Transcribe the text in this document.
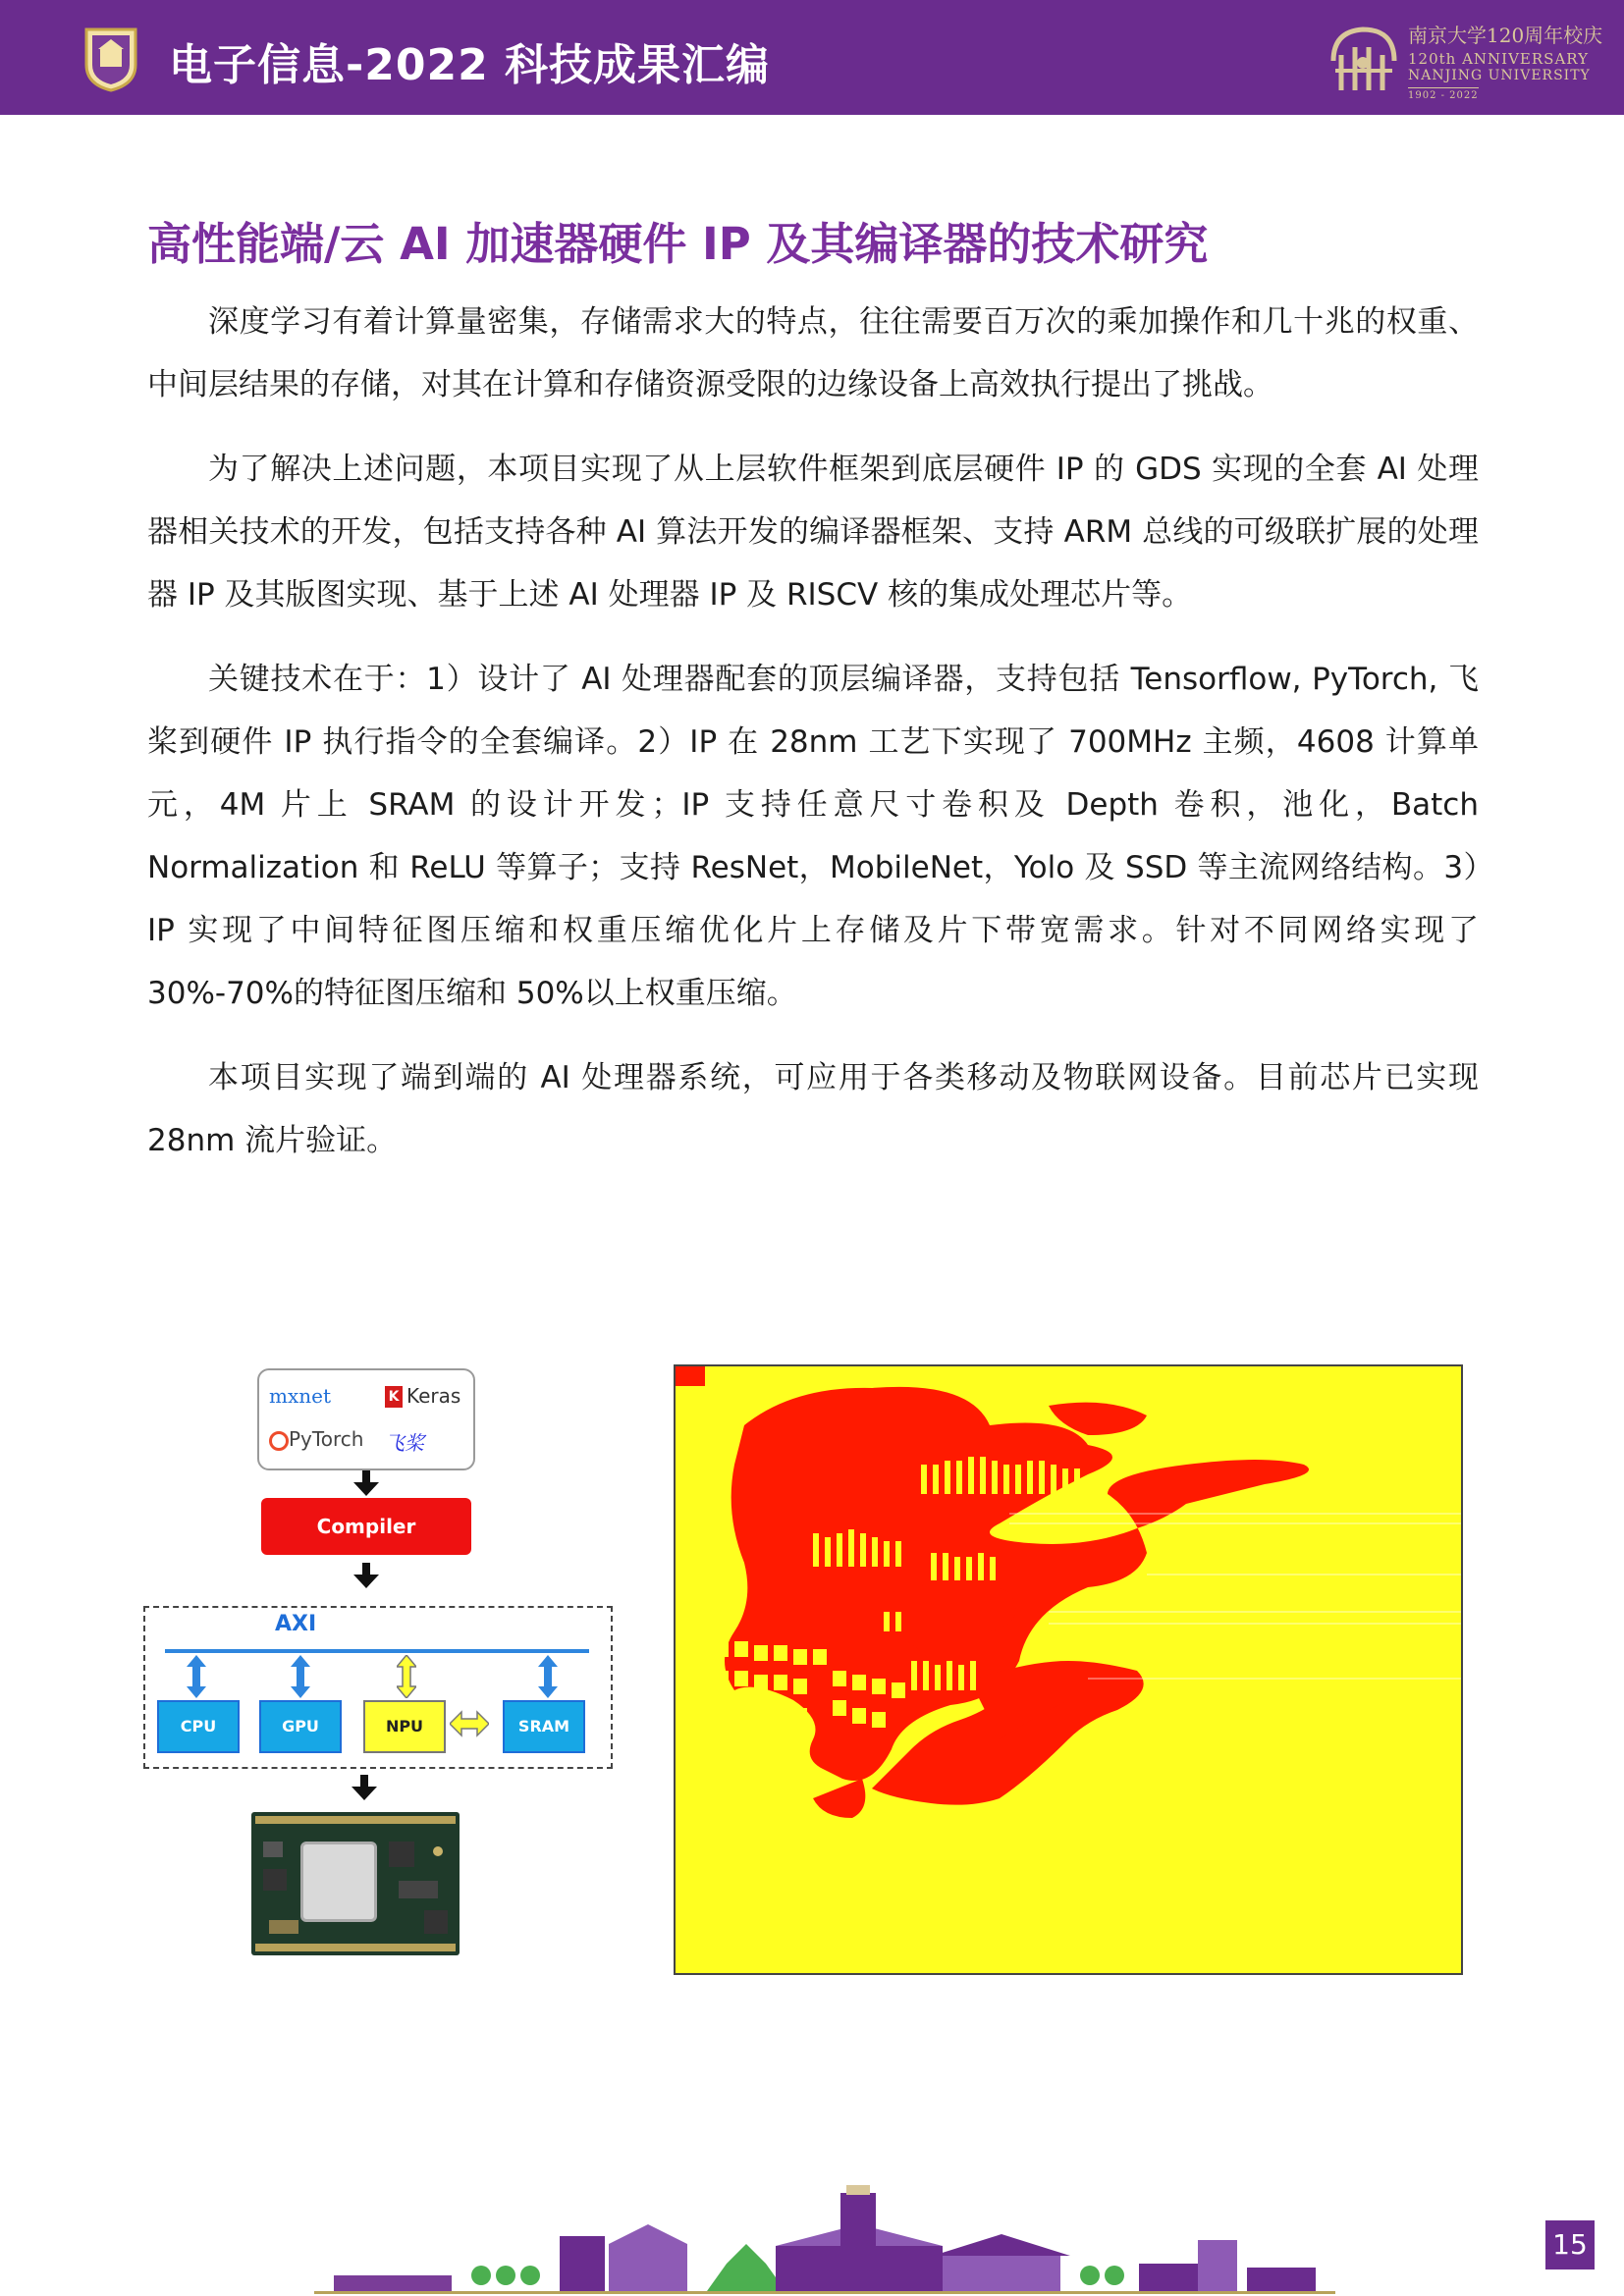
电子信息-2022 科技成果汇编
南京大学120周年校庆
120th ANNIVERSARY
NANJING UNIVERSITY
1902 - 2022
高性能端/云 AI 加速器硬件 IP 及其编译器的技术研究

深度学习有着计算量密集，存储需求大的特点，往往需要百万次的乘加操作和几十兆的权重、中间层结果的存储，对其在计算和存储资源受限的边缘设备上高效执行提出了挑战。

为了解决上述问题，本项目实现了从上层软件框架到底层硬件 IP 的 GDS 实现的全套 AI 处理器相关技术的开发，包括支持各种 AI 算法开发的编译器框架、支持 ARM 总线的可级联扩展的处理器 IP 及其版图实现、基于上述 AI 处理器 IP 及 RISCV 核的集成处理芯片等。

关键技术在于：1）设计了 AI 处理器配套的顶层编译器，支持包括 Tensorflow, PyTorch, 飞桨到硬件 IP 执行指令的全套编译。2）IP 在 28nm 工艺下实现了 700MHz 主频，4608 计算单元，4M 片上 SRAM 的设计开发；IP 支持任意尺寸卷积及 Depth 卷积，池化，Batch Normalization 和 ReLU 等算子；支持 ResNet，MobileNet，Yolo 及 SSD 等主流网络结构。3）IP 实现了中间特征图压缩和权重压缩优化片上存储及片下带宽需求。针对不同网络实现了 30%-70%的特征图压缩和 50%以上权重压缩。

本项目实现了端到端的 AI 处理器系统，可应用于各类移动及物联网设备。目前芯片已实现 28nm 流片验证。

mxnet	K Keras
PyTorch 飞桨
Compiler
AXI
CPU	GPU	NPU	SRAM
15
